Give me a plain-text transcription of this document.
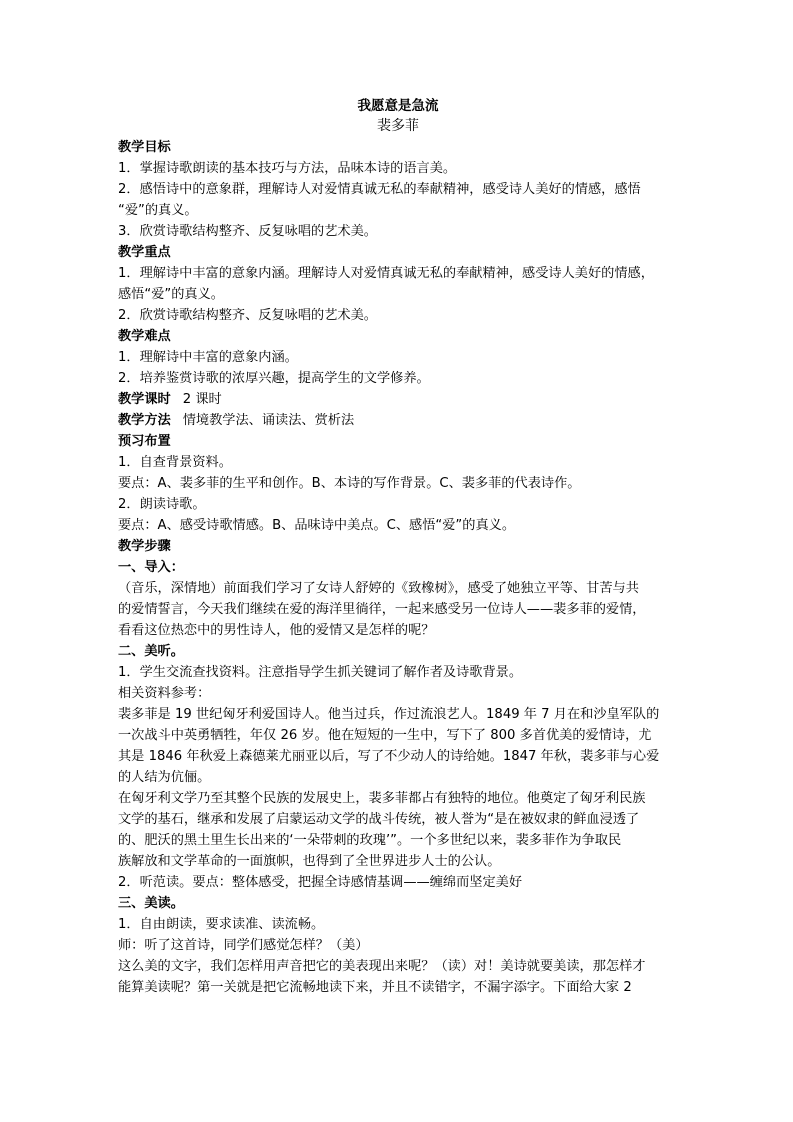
我愿意是急流
裴多菲
教学目标
1．掌握诗歌朗读的基本技巧与方法，品味本诗的语言美。
2．感悟诗中的意象群，理解诗人对爱情真诚无私的奉献精神，感受诗人美好的情感，感悟
“爱”的真义。
3．欣赏诗歌结构整齐、反复咏唱的艺术美。
教学重点
1．理解诗中丰富的意象内涵。理解诗人对爱情真诚无私的奉献精神，感受诗人美好的情感，
感悟“爱”的真义。
2．欣赏诗歌结构整齐、反复咏唱的艺术美。
教学难点
1．理解诗中丰富的意象内涵。
2．培养鉴赏诗歌的浓厚兴趣，提高学生的文学修养。
教学课时 2 课时
教学方法 情境教学法、诵读法、赏析法
预习布置
1．自查背景资料。
要点：A、裴多菲的生平和创作。B、本诗的写作背景。C、裴多菲的代表诗作。
2．朗读诗歌。
要点：A、感受诗歌情感。B、品味诗中美点。C、感悟“爱”的真义。
教学步骤
一、导入：
（音乐，深情地）前面我们学习了女诗人舒婷的《致橡树》，感受了她独立平等、甘苦与共
的爱情誓言，今天我们继续在爱的海洋里徜徉，一起来感受另一位诗人——裴多菲的爱情，
看看这位热恋中的男性诗人，他的爱情又是怎样的呢？
二、美听。
1．学生交流查找资料。注意指导学生抓关键词了解作者及诗歌背景。
相关资料参考：
裴多菲是 19 世纪匈牙利爱国诗人。他当过兵，作过流浪艺人。1849 年 7 月在和沙皇军队的
一次战斗中英勇牺牲，年仅 26 岁。他在短短的一生中，写下了 800 多首优美的爱情诗，尤
其是 1846 年秋爱上森德莱尤丽亚以后，写了不少动人的诗给她。1847 年秋，裴多菲与心爱
的人结为伉俪。
在匈牙利文学乃至其整个民族的发展史上，裴多菲都占有独特的地位。他奠定了匈牙利民族
文学的基石，继承和发展了启蒙运动文学的战斗传统，被人誉为“是在被奴隶的鲜血浸透了
的、肥沃的黑土里生长出来的‘一朵带刺的玫瑰’”。一个多世纪以来，裴多菲作为争取民
族解放和文学革命的一面旗帜，也得到了全世界进步人士的公认。
2．听范读。要点：整体感受，把握全诗感情基调——缠绵而坚定美好
三、美读。
1．自由朗读，要求读准、读流畅。
师：听了这首诗，同学们感觉怎样？（美）
这么美的文字，我们怎样用声音把它的美表现出来呢？（读）对！美诗就要美读，那怎样才
能算美读呢？第一关就是把它流畅地读下来，并且不读错字，不漏字添字。下面给大家 2
